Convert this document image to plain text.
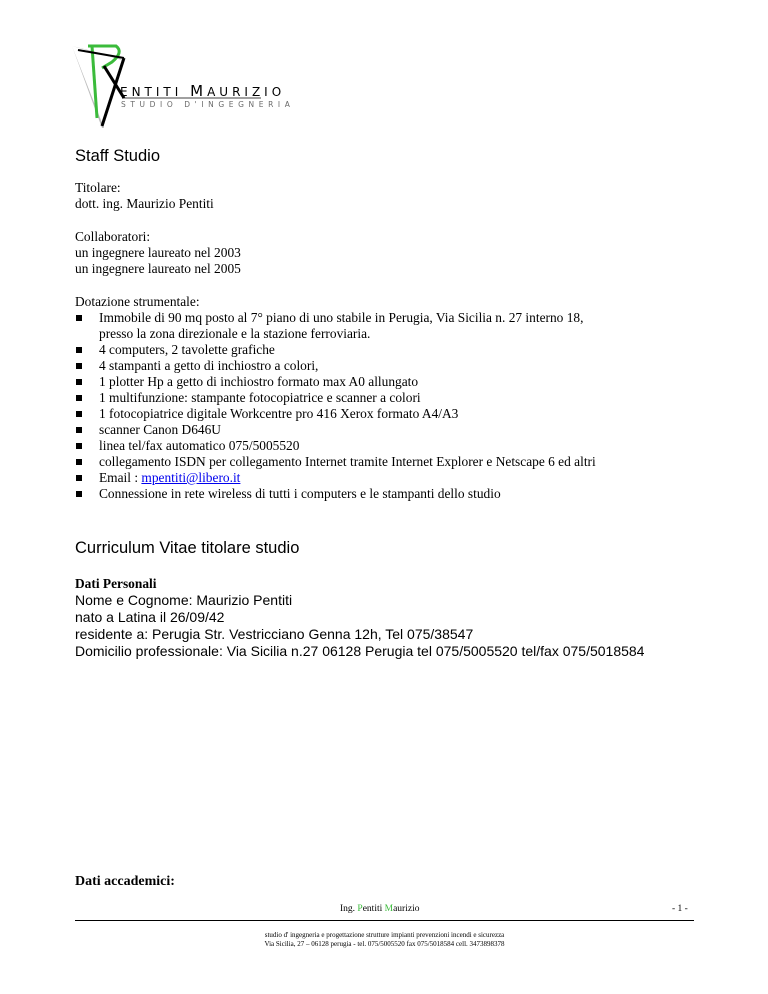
ENTITI MAURIZIO
STUDIO D'INGEGNERIA
Staff Studio
Titolare:
dott. ing. Maurizio Pentiti
Collaboratori:
un ingegnere laureato nel 2003
un ingegnere laureato nel 2005
Dotazione strumentale:
Immobile di 90 mq posto al 7° piano di uno stabile in Perugia, Via Sicilia n. 27 interno 18,
presso la zona direzionale e la stazione ferroviaria.
4 computers, 2 tavolette grafiche
4 stampanti a getto di inchiostro a colori,
1 plotter Hp a getto di inchiostro formato max A0 allungato
1 multifunzione: stampante fotocopiatrice e scanner a colori
1 fotocopiatrice digitale Workcentre pro 416 Xerox formato A4/A3
scanner Canon D646U
linea tel/fax automatico 075/5005520
collegamento ISDN per collegamento Internet tramite Internet Explorer e Netscape 6 ed altri
Email : mpentiti@libero.it
Connessione in rete wireless di tutti i computers e le stampanti dello studio
Curriculum Vitae titolare studio
Dati Personali
Nome e Cognome: Maurizio Pentiti
nato a Latina il 26/09/42
residente a: Perugia Str. Vestricciano Genna 12h, Tel 075/38547
Domicilio professionale: Via Sicilia n.27 06128 Perugia tel 075/5005520 tel/fax 075/5018584
Dati accademici:
Ing. Pentiti Maurizio	- 1 -
studio d' ingegneria e progettazione strutture impianti prevenzioni incendi e sicurezza
Via Sicilia, 27 – 06128 perugia - tel. 075/5005520 fax 075/5018584 cell. 3473898378
